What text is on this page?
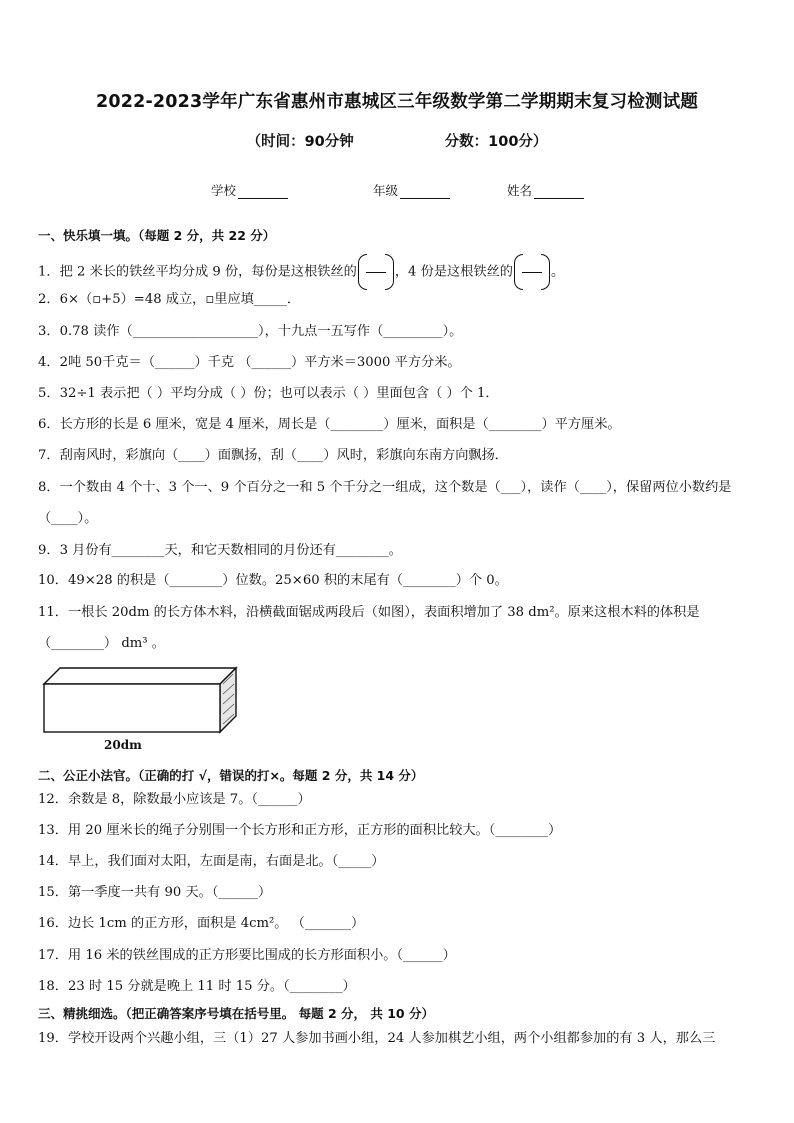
2022-2023学年广东省惠州市惠城区三年级数学第二学期期末复习检测试题
（时间：90分钟                  分数：100分）
学校	年级	姓名
一、快乐填一填。（每题 2 分，共 22 分）
1．把 2 米长的铁丝平均分成 9 份，每份是这根铁丝的	，4 份是这根铁丝的	。
2．6×（▫+5）=48 成立，▫里应填_____．
3．0.78 读作（___________________），十九点一五写作（_________）。
4．2吨 50千克＝（______）千克 （______）平方米＝3000 平方分米。
5．32÷1 表示把（ ）平均分成（ ）份；也可以表示（ ）里面包含（ ）个 1．
6．长方形的长是 6 厘米，宽是 4 厘米，周长是（________）厘米，面积是（________）平方厘米。
7．刮南风时，彩旗向（____）面飘扬，刮（____）风时，彩旗向东南方向飘扬．
8．一个数由 4 个十、3 个一、9 个百分之一和 5 个千分之一组成，这个数是（___），读作（____），保留两位小数约是
（____）。
9．3 月份有________天，和它天数相同的月份还有________。
10．49×28 的积是（________）位数。25×60 积的末尾有（________）个 0。
11．一根长 20dm 的长方体木料，沿横截面锯成两段后（如图），表面积增加了 38 dm²。原来这根木料的体积是
（________） dm³ 。
20dm
二、公正小法官。（正确的打 √，错误的打×。每题 2 分，共 14 分）
12．余数是 8，除数最小应该是 7。（______）
13．用 20 厘米长的绳子分别围一个长方形和正方形，正方形的面积比较大。（________）
14．早上，我们面对太阳，左面是南，右面是北。（_____）
15．第一季度一共有 90 天。（______）
16．边长 1cm 的正方形，面积是 4cm²。 （_______）
17．用 16 米的铁丝围成的正方形要比围成的长方形面积小。（______）
18．23 时 15 分就是晚上 11 时 15 分。（________）
三、精挑细选。（把正确答案序号填在括号里。 每题 2 分， 共 10 分）
19．学校开设两个兴趣小组，三（1）27 人参加书画小组，24 人参加棋艺小组，两个小组都参加的有 3 人，那么三
